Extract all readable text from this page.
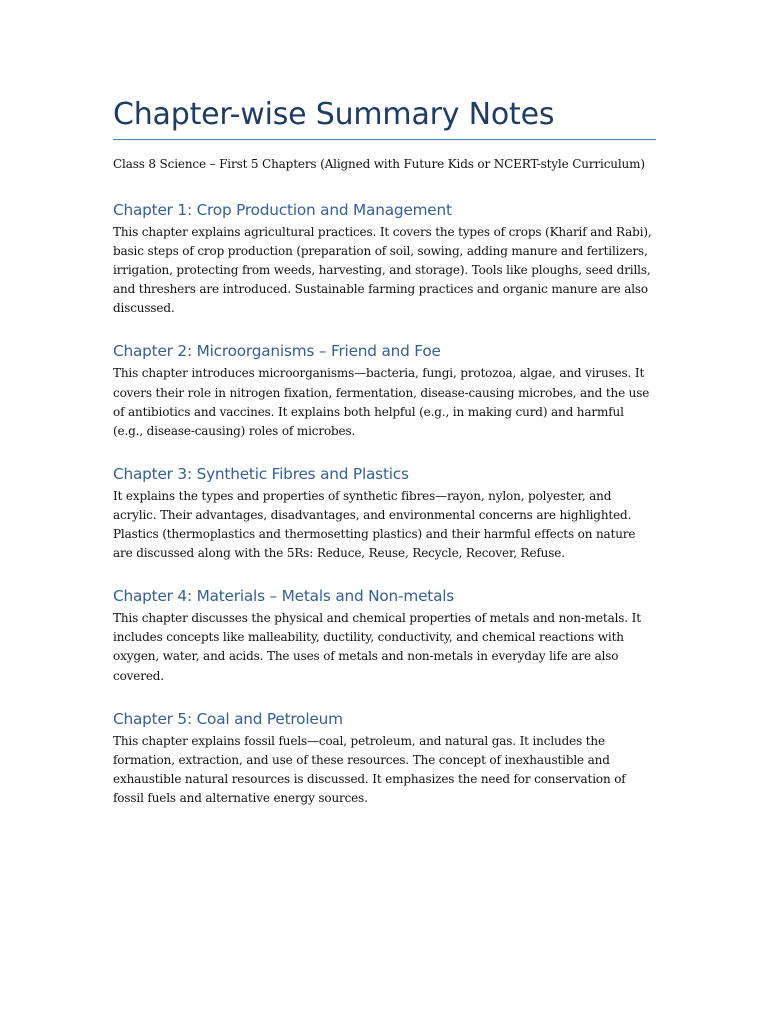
Chapter-wise Summary Notes

Class 8 Science – First 5 Chapters (Aligned with Future Kids or NCERT-style Curriculum)

Chapter 1: Crop Production and Management

This chapter explains agricultural practices. It covers the types of crops (Kharif and Rabi), basic steps of crop production (preparation of soil, sowing, adding manure and fertilizers, irrigation, protecting from weeds, harvesting, and storage). Tools like ploughs, seed drills, and threshers are introduced. Sustainable farming practices and organic manure are also discussed.

Chapter 2: Microorganisms – Friend and Foe

This chapter introduces microorganisms—bacteria, fungi, protozoa, algae, and viruses. It covers their role in nitrogen fixation, fermentation, disease-causing microbes, and the use of antibiotics and vaccines. It explains both helpful (e.g., in making curd) and harmful (e.g., disease-causing) roles of microbes.

Chapter 3: Synthetic Fibres and Plastics

It explains the types and properties of synthetic fibres—rayon, nylon, polyester, and acrylic. Their advantages, disadvantages, and environmental concerns are highlighted. Plastics (thermoplastics and thermosetting plastics) and their harmful effects on nature are discussed along with the 5Rs: Reduce, Reuse, Recycle, Recover, Refuse.

Chapter 4: Materials – Metals and Non-metals

This chapter discusses the physical and chemical properties of metals and non-metals. It includes concepts like malleability, ductility, conductivity, and chemical reactions with oxygen, water, and acids. The uses of metals and non-metals in everyday life are also covered.

Chapter 5: Coal and Petroleum

This chapter explains fossil fuels—coal, petroleum, and natural gas. It includes the formation, extraction, and use of these resources. The concept of inexhaustible and exhaustible natural resources is discussed. It emphasizes the need for conservation of fossil fuels and alternative energy sources.
